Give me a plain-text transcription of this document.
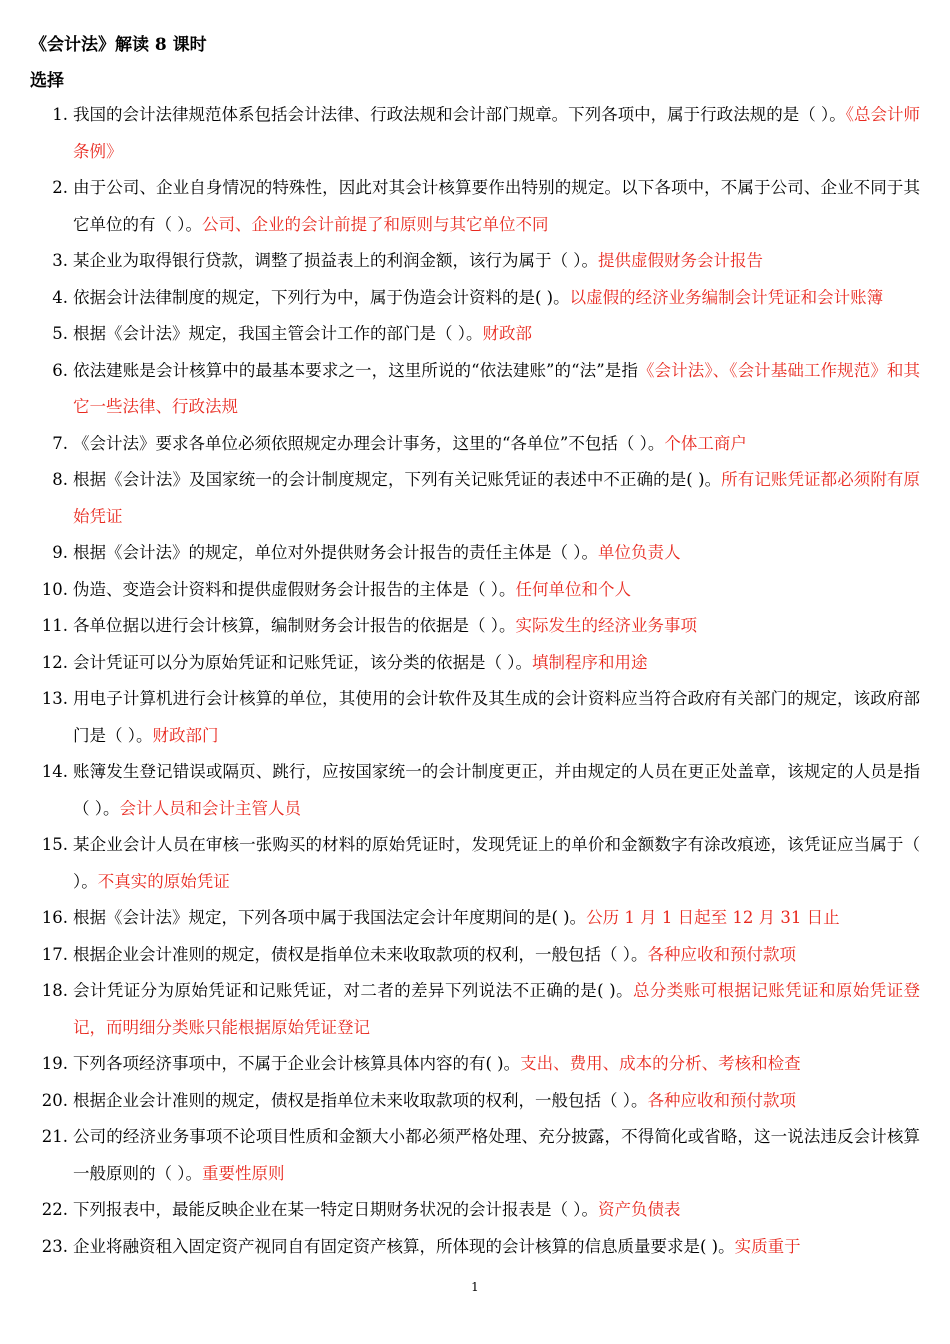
《会计法》解读 8 课时
选择
1. 我国的会计法律规范体系包括会计法律、行政法规和会计部门规章。下列各项中，属于行政法规的是（ ）。《总会计师条例》
2. 由于公司、企业自身情况的特殊性，因此对其会计核算要作出特别的规定。以下各项中，不属于公司、企业不同于其它单位的有（ ）。公司、企业的会计前提了和原则与其它单位不同
3. 某企业为取得银行贷款，调整了损益表上的利润金额，该行为属于（ ）。提供虚假财务会计报告
4. 依据会计法律制度的规定，下列行为中，属于伪造会计资料的是( )。以虚假的经济业务编制会计凭证和会计账簿
5. 根据《会计法》规定，我国主管会计工作的部门是（ ）。财政部
6. 依法建账是会计核算中的最基本要求之一，这里所说的“依法建账”的“法”是指《会计法》、《会计基础工作规范》和其它一些法律、行政法规
7. 《会计法》要求各单位必须依照规定办理会计事务，这里的“各单位”不包括（ ）。个体工商户
8. 根据《会计法》及国家统一的会计制度规定，下列有关记账凭证的表述中不正确的是( )。所有记账凭证都必须附有原始凭证
9. 根据《会计法》的规定，单位对外提供财务会计报告的责任主体是（ ）。单位负责人
10. 伪造、变造会计资料和提供虚假财务会计报告的主体是（ ）。任何单位和个人
11. 各单位据以进行会计核算，编制财务会计报告的依据是（ ）。实际发生的经济业务事项
12. 会计凭证可以分为原始凭证和记账凭证，该分类的依据是（ ）。填制程序和用途
13. 用电子计算机进行会计核算的单位，其使用的会计软件及其生成的会计资料应当符合政府有关部门的规定，该政府部门是（ ）。财政部门
14. 账簿发生登记错误或隔页、跳行，应按国家统一的会计制度更正，并由规定的人员在更正处盖章，该规定的人员是指（ ）。会计人员和会计主管人员
15. 某企业会计人员在审核一张购买的材料的原始凭证时，发现凭证上的单价和金额数字有涂改痕迹，该凭证应当属于（ ）。不真实的原始凭证
16. 根据《会计法》规定，下列各项中属于我国法定会计年度期间的是( )。公历 1 月 1 日起至 12 月 31 日止
17. 根据企业会计准则的规定，债权是指单位未来收取款项的权利，一般包括（ ）。各种应收和预付款项
18. 会计凭证分为原始凭证和记账凭证，对二者的差异下列说法不正确的是( )。总分类账可根据记账凭证和原始凭证登记，而明细分类账只能根据原始凭证登记
19. 下列各项经济事项中，不属于企业会计核算具体内容的有( )。支出、费用、成本的分析、考核和检查
20. 根据企业会计准则的规定，债权是指单位未来收取款项的权利，一般包括（ ）。各种应收和预付款项
21. 公司的经济业务事项不论项目性质和金额大小都必须严格处理、充分披露，不得简化或省略，这一说法违反会计核算一般原则的（ ）。重要性原则
22. 下列报表中，最能反映企业在某一特定日期财务状况的会计报表是（ ）。资产负债表
23. 企业将融资租入固定资产视同自有固定资产核算，所体现的会计核算的信息质量要求是( )。实质重于
1
